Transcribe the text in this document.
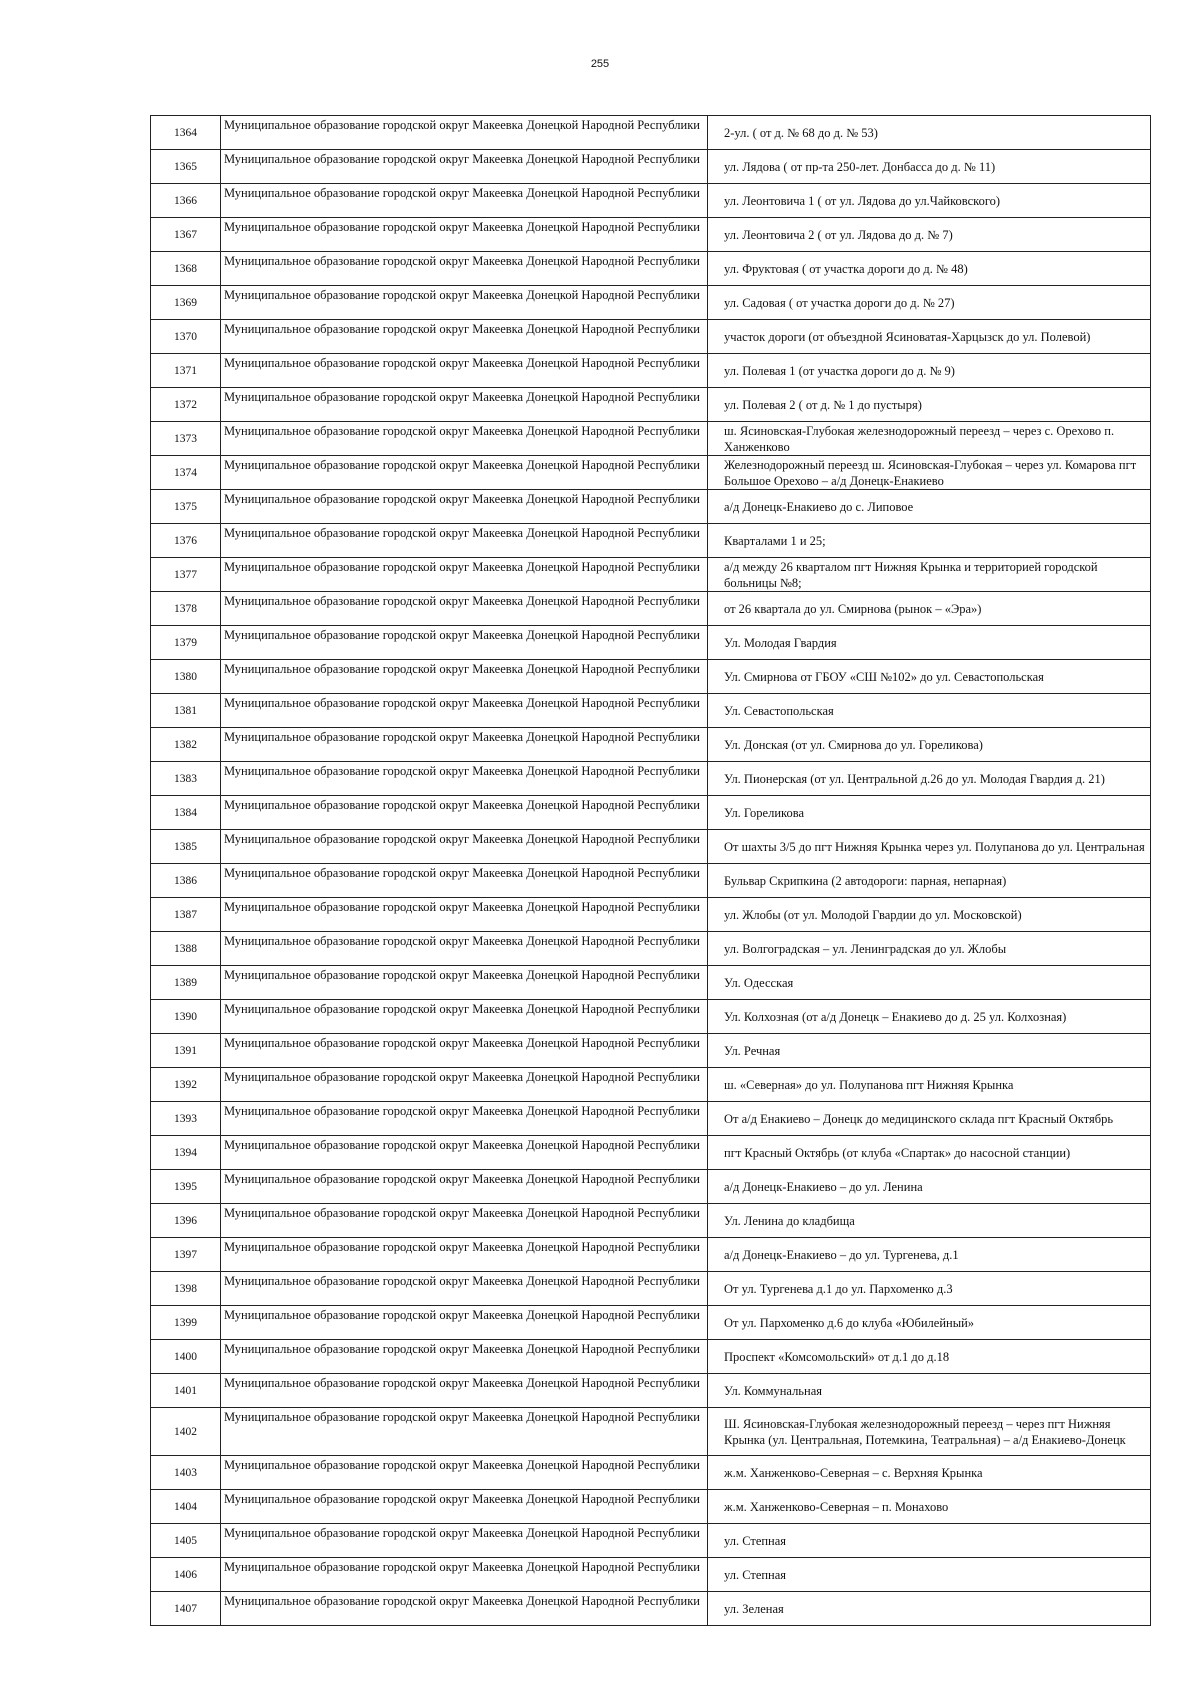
255
1364	Муниципальное образование городской округ Макеевка Донецкой Народной Республики	2-ул. ( от д. № 68 до д. № 53)
1365	Муниципальное образование городской округ Макеевка Донецкой Народной Республики	ул. Лядова ( от пр-та 250-лет. Донбасса до д. № 11)
1366	Муниципальное образование городской округ Макеевка Донецкой Народной Республики	ул. Леонтовича 1 ( от ул. Лядова до ул.Чайковского)
1367	Муниципальное образование городской округ Макеевка Донецкой Народной Республики	ул. Леонтовича 2 ( от ул. Лядова до д. № 7)
1368	Муниципальное образование городской округ Макеевка Донецкой Народной Республики	ул. Фруктовая ( от участка дороги до д. № 48)
1369	Муниципальное образование городской округ Макеевка Донецкой Народной Республики	ул. Садовая ( от участка дороги до д. № 27)
1370	Муниципальное образование городской округ Макеевка Донецкой Народной Республики	участок дороги (от объездной Ясиноватая-Харцызск до ул. Полевой)
1371	Муниципальное образование городской округ Макеевка Донецкой Народной Республики	ул. Полевая 1 (от участка дороги до д. № 9)
1372	Муниципальное образование городской округ Макеевка Донецкой Народной Республики	ул. Полевая 2 ( от д. № 1 до пустыря)
1373	Муниципальное образование городской округ Макеевка Донецкой Народной Республики	ш. Ясиновская-Глубокая железнодорожный переезд – через с. Орехово п. Ханженково
1374	Муниципальное образование городской округ Макеевка Донецкой Народной Республики	Железнодорожный переезд ш. Ясиновская-Глубокая – через ул. Комарова пгт Большое Орехово – а/д Донецк-Енакиево
1375	Муниципальное образование городской округ Макеевка Донецкой Народной Республики	а/д Донецк-Енакиево до с. Липовое
1376	Муниципальное образование городской округ Макеевка Донецкой Народной Республики	Кварталами 1 и 25;
1377	Муниципальное образование городской округ Макеевка Донецкой Народной Республики	а/д между 26 кварталом пгт Нижняя Крынка и территорией городской больницы №8;
1378	Муниципальное образование городской округ Макеевка Донецкой Народной Республики	от 26 квартала до ул. Смирнова (рынок – «Эра»)
1379	Муниципальное образование городской округ Макеевка Донецкой Народной Республики	Ул. Молодая Гвардия
1380	Муниципальное образование городской округ Макеевка Донецкой Народной Республики	Ул. Смирнова от ГБОУ «СШ №102» до ул. Севастопольская
1381	Муниципальное образование городской округ Макеевка Донецкой Народной Республики	Ул. Севастопольская
1382	Муниципальное образование городской округ Макеевка Донецкой Народной Республики	Ул. Донская (от ул. Смирнова до ул. Гореликова)
1383	Муниципальное образование городской округ Макеевка Донецкой Народной Республики	Ул. Пионерская (от ул. Центральной д.26 до ул. Молодая Гвардия д. 21)
1384	Муниципальное образование городской округ Макеевка Донецкой Народной Республики	Ул. Гореликова
1385	Муниципальное образование городской округ Макеевка Донецкой Народной Республики	От шахты 3/5 до пгт Нижняя Крынка через ул. Полупанова до ул. Центральная
1386	Муниципальное образование городской округ Макеевка Донецкой Народной Республики	Бульвар Скрипкина (2 автодороги: парная, непарная)
1387	Муниципальное образование городской округ Макеевка Донецкой Народной Республики	ул. Жлобы (от ул. Молодой Гвардии до ул. Московской)
1388	Муниципальное образование городской округ Макеевка Донецкой Народной Республики	ул. Волгоградская – ул. Ленинградская до ул. Жлобы
1389	Муниципальное образование городской округ Макеевка Донецкой Народной Республики	Ул. Одесская
1390	Муниципальное образование городской округ Макеевка Донецкой Народной Республики	Ул. Колхозная (от а/д Донецк – Енакиево до д. 25 ул. Колхозная)
1391	Муниципальное образование городской округ Макеевка Донецкой Народной Республики	Ул. Речная
1392	Муниципальное образование городской округ Макеевка Донецкой Народной Республики	ш. «Северная» до ул. Полупанова пгт Нижняя Крынка
1393	Муниципальное образование городской округ Макеевка Донецкой Народной Республики	От а/д Енакиево – Донецк до медицинского склада пгт Красный Октябрь
1394	Муниципальное образование городской округ Макеевка Донецкой Народной Республики	пгт Красный Октябрь (от клуба «Спартак» до насосной станции)
1395	Муниципальное образование городской округ Макеевка Донецкой Народной Республики	а/д Донецк-Енакиево – до ул. Ленина
1396	Муниципальное образование городской округ Макеевка Донецкой Народной Республики	Ул. Ленина до кладбища
1397	Муниципальное образование городской округ Макеевка Донецкой Народной Республики	а/д Донецк-Енакиево – до ул. Тургенева, д.1
1398	Муниципальное образование городской округ Макеевка Донецкой Народной Республики	От ул. Тургенева д.1 до ул. Пархоменко д.3
1399	Муниципальное образование городской округ Макеевка Донецкой Народной Республики	От ул. Пархоменко д.6 до клуба «Юбилейный»
1400	Муниципальное образование городской округ Макеевка Донецкой Народной Республики	Проспект «Комсомольский» от д.1 до д.18
1401	Муниципальное образование городской округ Макеевка Донецкой Народной Республики	Ул. Коммунальная
1402	Муниципальное образование городской округ Макеевка Донецкой Народной Республики	Ш. Ясиновская-Глубокая железнодорожный переезд – через пгт Нижняя Крынка (ул. Центральная, Потемкина, Театральная) – а/д Енакиево-Донецк
1403	Муниципальное образование городской округ Макеевка Донецкой Народной Республики	ж.м. Ханженково-Северная – с. Верхняя Крынка
1404	Муниципальное образование городской округ Макеевка Донецкой Народной Республики	ж.м. Ханженково-Северная – п. Монахово
1405	Муниципальное образование городской округ Макеевка Донецкой Народной Республики	ул. Степная
1406	Муниципальное образование городской округ Макеевка Донецкой Народной Республики	ул. Степная
1407	Муниципальное образование городской округ Макеевка Донецкой Народной Республики	ул. Зеленая
